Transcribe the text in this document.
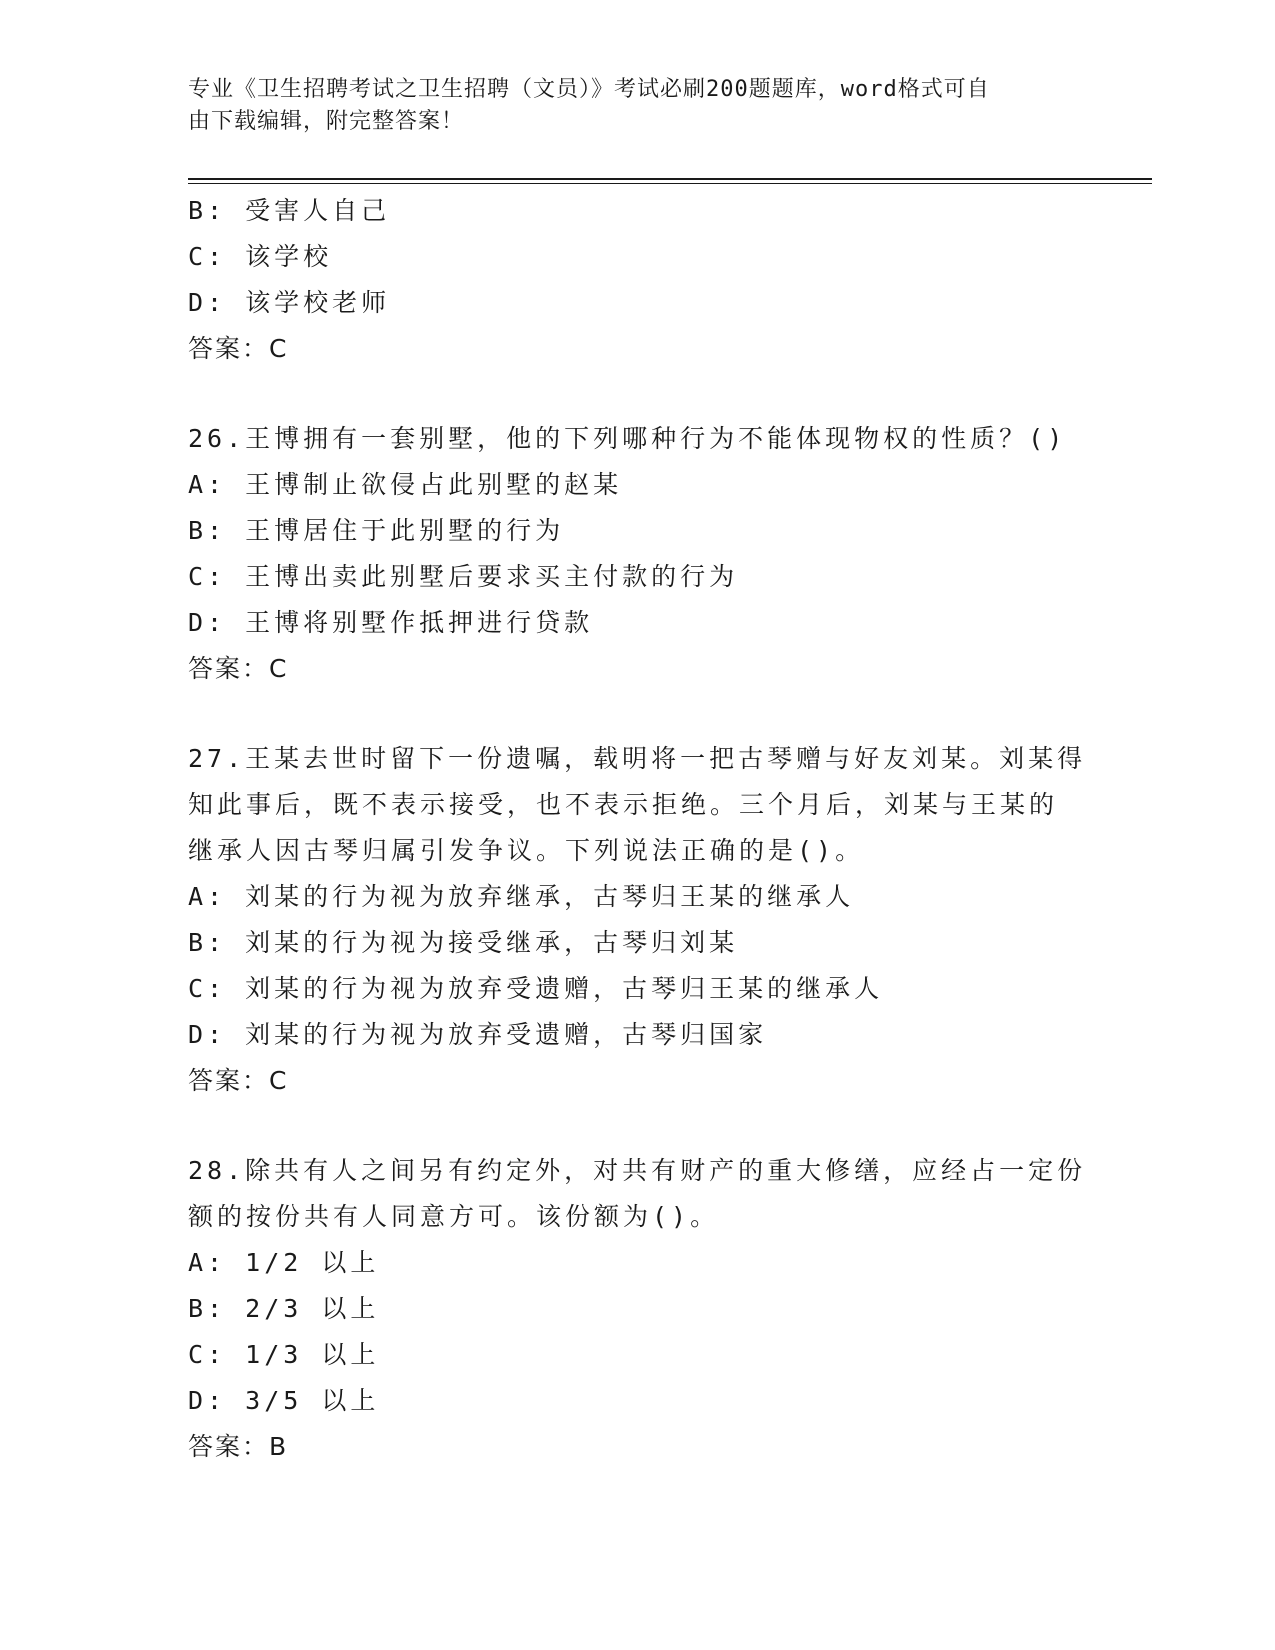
专业《卫生招聘考试之卫生招聘（文员）》考试必刷200题题库，word格式可自
由下载编辑，附完整答案！

B: 受害人自己

C: 该学校

D: 该学校老师

答案：C

26.王博拥有一套别墅，他的下列哪种行为不能体现物权的性质？()

A: 王博制止欲侵占此别墅的赵某

B: 王博居住于此别墅的行为

C: 王博出卖此别墅后要求买主付款的行为

D: 王博将别墅作抵押进行贷款

答案：C

27.王某去世时留下一份遗嘱，载明将一把古琴赠与好友刘某。刘某得

知此事后，既不表示接受，也不表示拒绝。三个月后，刘某与王某的

继承人因古琴归属引发争议。下列说法正确的是()。

A: 刘某的行为视为放弃继承，古琴归王某的继承人

B: 刘某的行为视为接受继承，古琴归刘某

C: 刘某的行为视为放弃受遗赠，古琴归王某的继承人

D: 刘某的行为视为放弃受遗赠，古琴归国家

答案：C

28.除共有人之间另有约定外，对共有财产的重大修缮，应经占一定份

额的按份共有人同意方可。该份额为()。

A: 1/2 以上

B: 2/3 以上

C: 1/3 以上

D: 3/5 以上

答案：B
